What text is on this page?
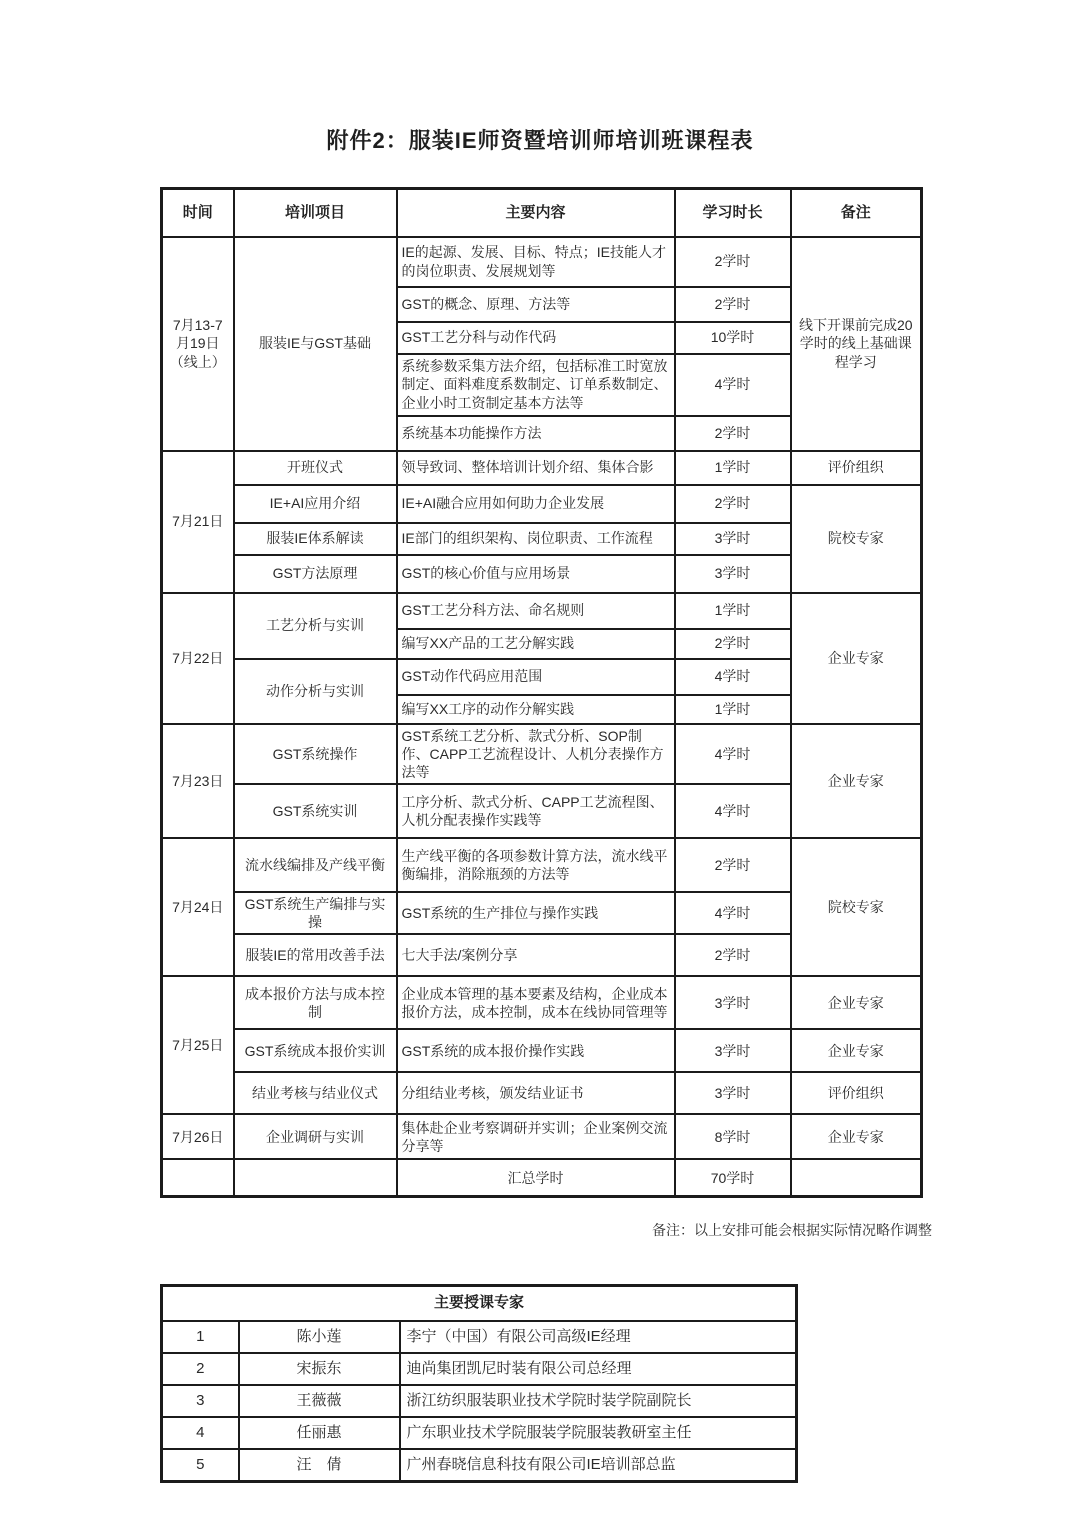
附件2：服装IE师资暨培训师培训班课程表
时间	培训项目	主要内容	学习时长	备注
7月13-7月19日（线上）	服装IE与GST基础	IE的起源、发展、目标、特点；IE技能人才的岗位职责、发展规划等	2学时	线下开课前完成20学时的线上基础课程学习
		GST的概念、原理、方法等	2学时	
		GST工艺分科与动作代码	10学时	
		系统参数采集方法介绍，包括标准工时宽放制定、面料难度系数制定、订单系数制定、企业小时工资制定基本方法等	4学时	
		系统基本功能操作方法	2学时	
7月21日	开班仪式	领导致词、整体培训计划介绍、集体合影	1学时	评价组织
	IE+AI应用介绍	IE+AI融合应用如何助力企业发展	2学时	院校专家
	服装IE体系解读	IE部门的组织架构、岗位职责、工作流程	3学时	
	GST方法原理	GST的核心价值与应用场景	3学时	
7月22日	工艺分析与实训	GST工艺分科方法、命名规则	1学时	企业专家
		编写XX产品的工艺分解实践	2学时	
	动作分析与实训	GST动作代码应用范围	4学时	
		编写XX工序的动作分解实践	1学时	
7月23日	GST系统操作	GST系统工艺分析、款式分析、SOP制作、CAPP工艺流程设计、人机分表操作方法等	4学时	企业专家
	GST系统实训	工序分析、款式分析、CAPP工艺流程图、人机分配表操作实践等	4学时	
7月24日	流水线编排及产线平衡	生产线平衡的各项参数计算方法，流水线平衡编排，消除瓶颈的方法等	2学时	院校专家
	GST系统生产编排与实操	GST系统的生产排位与操作实践	4学时	
	服装IE的常用改善手法	七大手法/案例分享	2学时	
7月25日	成本报价方法与成本控制	企业成本管理的基本要素及结构，企业成本报价方法，成本控制，成本在线协同管理等	3学时	企业专家
	GST系统成本报价实训	GST系统的成本报价操作实践	3学时	企业专家
	结业考核与结业仪式	分组结业考核，颁发结业证书	3学时	评价组织
7月26日	企业调研与实训	集体赴企业考察调研并实训；企业案例交流分享等	8学时	企业专家
		汇总学时	70学时	
备注：以上安排可能会根据实际情况略作调整
主要授课专家		
1	陈小莲	李宁（中国）有限公司高级IE经理
2	宋振东	迪尚集团凯尼时装有限公司总经理
3	王薇薇	浙江纺织服装职业技术学院时装学院副院长
4	任丽惠	广东职业技术学院服装学院服装教研室主任
5	汪　倩	广州春晓信息科技有限公司IE培训部总监
